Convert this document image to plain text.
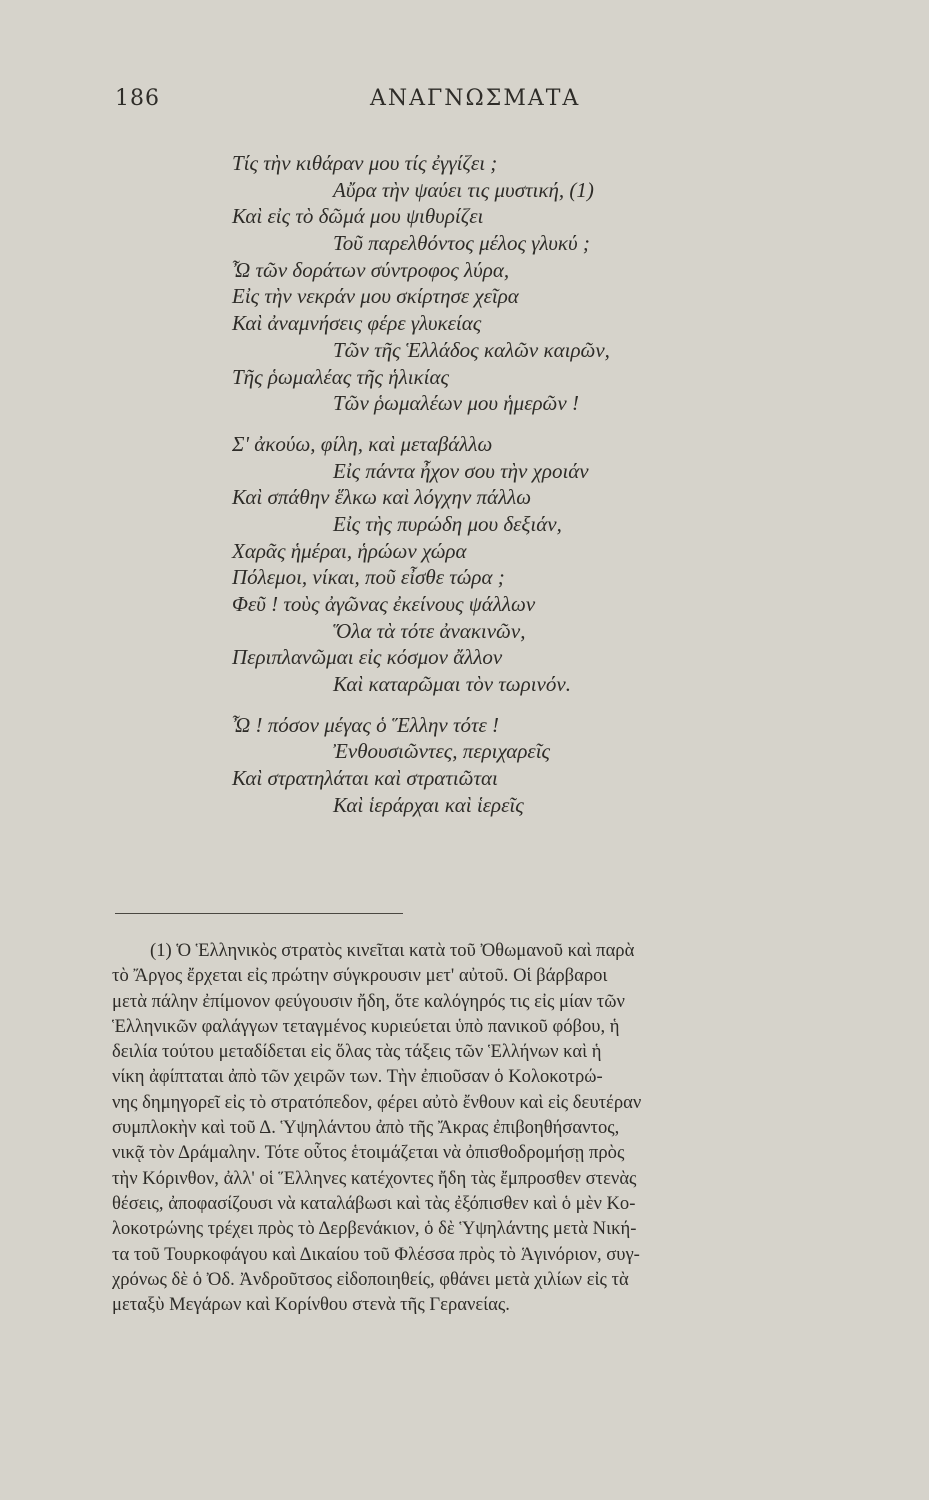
186	ΑΝΑΓΝΩΣΜΑΤΑ
Τίς τὴν κιθάραν μου τίς ἐγγίζει ;
Αὔρα τὴν ψαύει τις μυστική, (1)
Καὶ εἰς τὸ δῶμά μου ψιθυρίζει
Τοῦ παρελθόντος μέλος γλυκύ ;
Ὦ τῶν δοράτων σύντροφος λύρα,
Εἰς τὴν νεκράν μου σκίρτησε χεῖρα
Καὶ ἀναμνήσεις φέρε γλυκείας
Τῶν τῆς Ἑλλάδος καλῶν καιρῶν,
Τῆς ῥωμαλέας τῆς ἡλικίας
Τῶν ῥωμαλέων μου ἡμερῶν !
Σ' ἀκούω, φίλη, καὶ μεταβάλλω
Εἰς πάντα ἦχον σου τὴν χροιάν
Καὶ σπάθην ἕλκω καὶ λόγχην πάλλω
Εἰς τὴς πυρώδη μου δεξιάν,
Χαρᾶς ἡμέραι, ἡρώων χώρα
Πόλεμοι, νίκαι, ποῦ εἶσθε τώρα ;
Φεῦ ! τοὺς ἀγῶνας ἐκείνους ψάλλων
Ὅλα τὰ τότε ἀνακινῶν,
Περιπλανῶμαι εἰς κόσμον ἄλλον
Καὶ καταρῶμαι τὸν τωρινόν.
Ὦ ! πόσον μέγας ὁ Ἕλλην τότε !
Ἐνθουσιῶντες, περιχαρεῖς
Καὶ στρατηλάται καὶ στρατιῶται
Καὶ ἱεράρχαι καὶ ἱερεῖς
(1) Ὁ Ἑλληνικὸς στρατὸς κινεῖται κατὰ τοῦ Ὀθωμανοῦ καὶ παρὰ
τὸ Ἄργος ἔρχεται εἰς πρώτην σύγκρουσιν μετ' αὐτοῦ. Οἱ βάρβαροι
μετὰ πάλην ἐπίμονον φεύγουσιν ἤδη, ὅτε καλόγηρός τις εἰς μίαν τῶν
Ἑλληνικῶν φαλάγγων τεταγμένος κυριεύεται ὑπὸ πανικοῦ φόβου, ἡ
δειλία τούτου μεταδίδεται εἰς ὅλας τὰς τάξεις τῶν Ἑλλήνων καὶ ἡ
νίκη ἀφίπταται ἀπὸ τῶν χειρῶν των. Τὴν ἐπιοῦσαν ὁ Κολοκοτρώ-
νης δημηγορεῖ εἰς τὸ στρατόπεδον, φέρει αὐτὸ ἔνθουν καὶ εἰς δευτέραν
συμπλοκὴν καὶ τοῦ Δ. Ὑψηλάντου ἀπὸ τῆς Ἄκρας ἐπιβοηθήσαντος,
νικᾷ τὸν Δράμαλην. Τότε οὗτος ἑτοιμάζεται νὰ ὀπισθοδρομήσῃ πρὸς
τὴν Κόρινθον, ἀλλ' οἱ Ἕλληνες κατέχοντες ἤδη τὰς ἔμπροσθεν στενὰς
θέσεις, ἀποφασίζουσι νὰ καταλάβωσι καὶ τὰς ἐξόπισθεν καὶ ὁ μὲν Κο-
λοκοτρώνης τρέχει πρὸς τὸ Δερβενάκιον, ὁ δὲ Ὑψηλάντης μετὰ Νική-
τα τοῦ Τουρκοφάγου καὶ Δικαίου τοῦ Φλέσσα πρὸς τὸ Ἁγινόριον, συγ-
χρόνως δὲ ὁ Ὀδ. Ἀνδροῦτσος εἰδοποιηθείς, φθάνει μετὰ χιλίων εἰς τὰ
μεταξὺ Μεγάρων καὶ Κορίνθου στενὰ τῆς Γερανείας.
